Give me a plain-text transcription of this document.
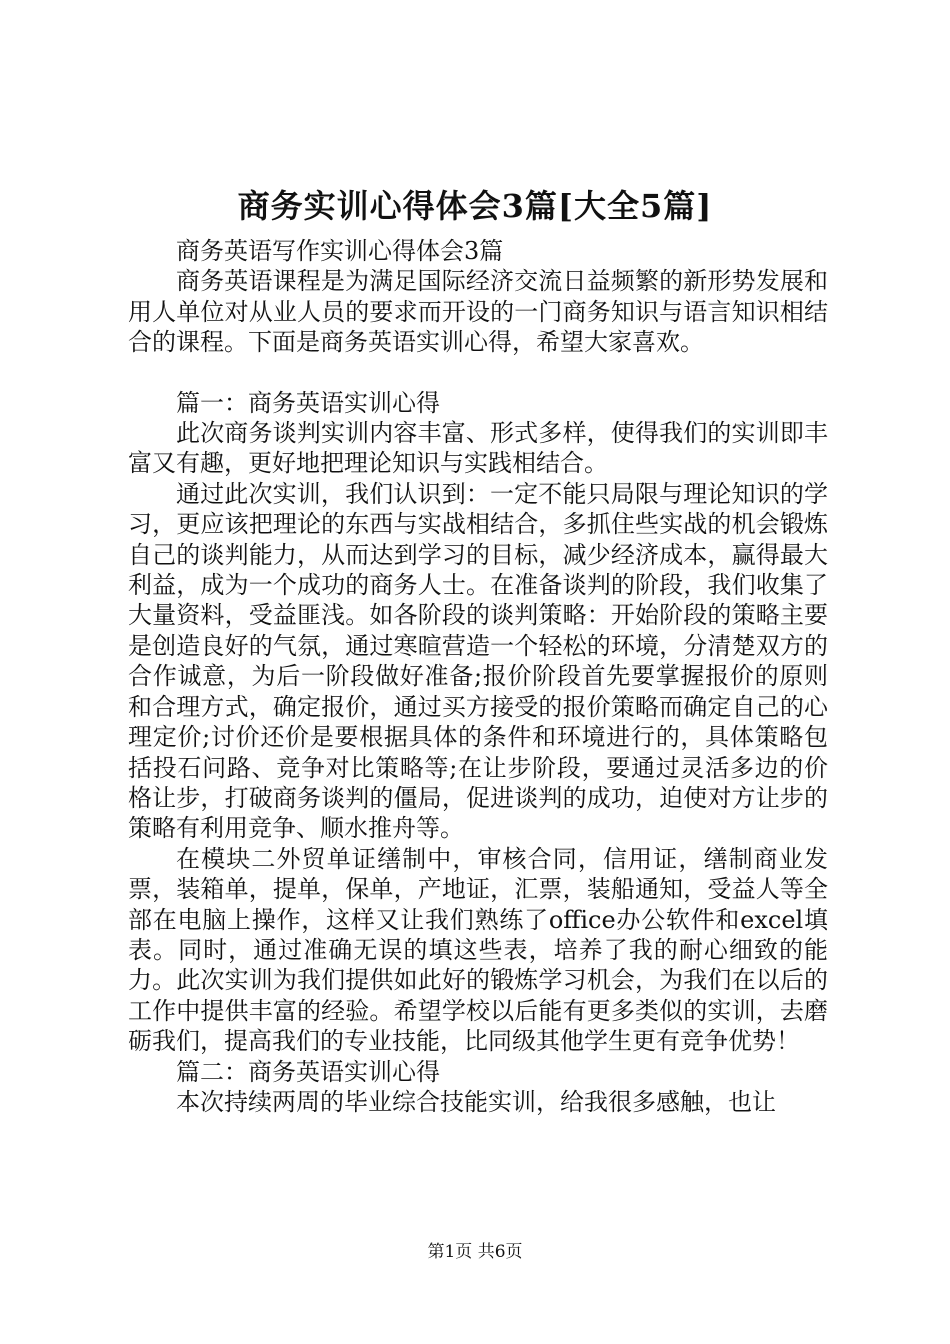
商务实训心得体会3篇[大全5篇]

商务英语写作实训心得体会3篇

商务英语课程是为满足国际经济交流日益频繁的新形势发展和用人单位对从业人员的要求而开设的一门商务知识与语言知识相结合的课程。下面是商务英语实训心得，希望大家喜欢。

篇一：商务英语实训心得

此次商务谈判实训内容丰富、形式多样，使得我们的实训即丰富又有趣，更好地把理论知识与实践相结合。

通过此次实训，我们认识到：一定不能只局限与理论知识的学习，更应该把理论的东西与实战相结合，多抓住些实战的机会锻炼自己的谈判能力，从而达到学习的目标，减少经济成本，赢得最大利益，成为一个成功的商务人士。在准备谈判的阶段，我们收集了大量资料，受益匪浅。如各阶段的谈判策略：开始阶段的策略主要是创造良好的气氛，通过寒暄营造一个轻松的环境，分清楚双方的合作诚意，为后一阶段做好准备;报价阶段首先要掌握报价的原则和合理方式，确定报价，通过买方接受的报价策略而确定自己的心理定价;讨价还价是要根据具体的条件和环境进行的，具体策略包括投石问路、竞争对比策略等;在让步阶段，要通过灵活多边的价格让步，打破商务谈判的僵局，促进谈判的成功，迫使对方让步的策略有利用竞争、顺水推舟等。

在模块二外贸单证缮制中，审核合同，信用证，缮制商业发票，装箱单，提单，保单，产地证，汇票，装船通知，受益人等全部在电脑上操作，这样又让我们熟练了office办公软件和excel填表。同时，通过准确无误的填这些表，培养了我的耐心细致的能力。此次实训为我们提供如此好的锻炼学习机会，为我们在以后的工作中提供丰富的经验。希望学校以后能有更多类似的实训，去磨砺我们，提高我们的专业技能，比同级其他学生更有竞争优势！

篇二：商务英语实训心得

本次持续两周的毕业综合技能实训，给我很多感触，也让

第1页 共6页
